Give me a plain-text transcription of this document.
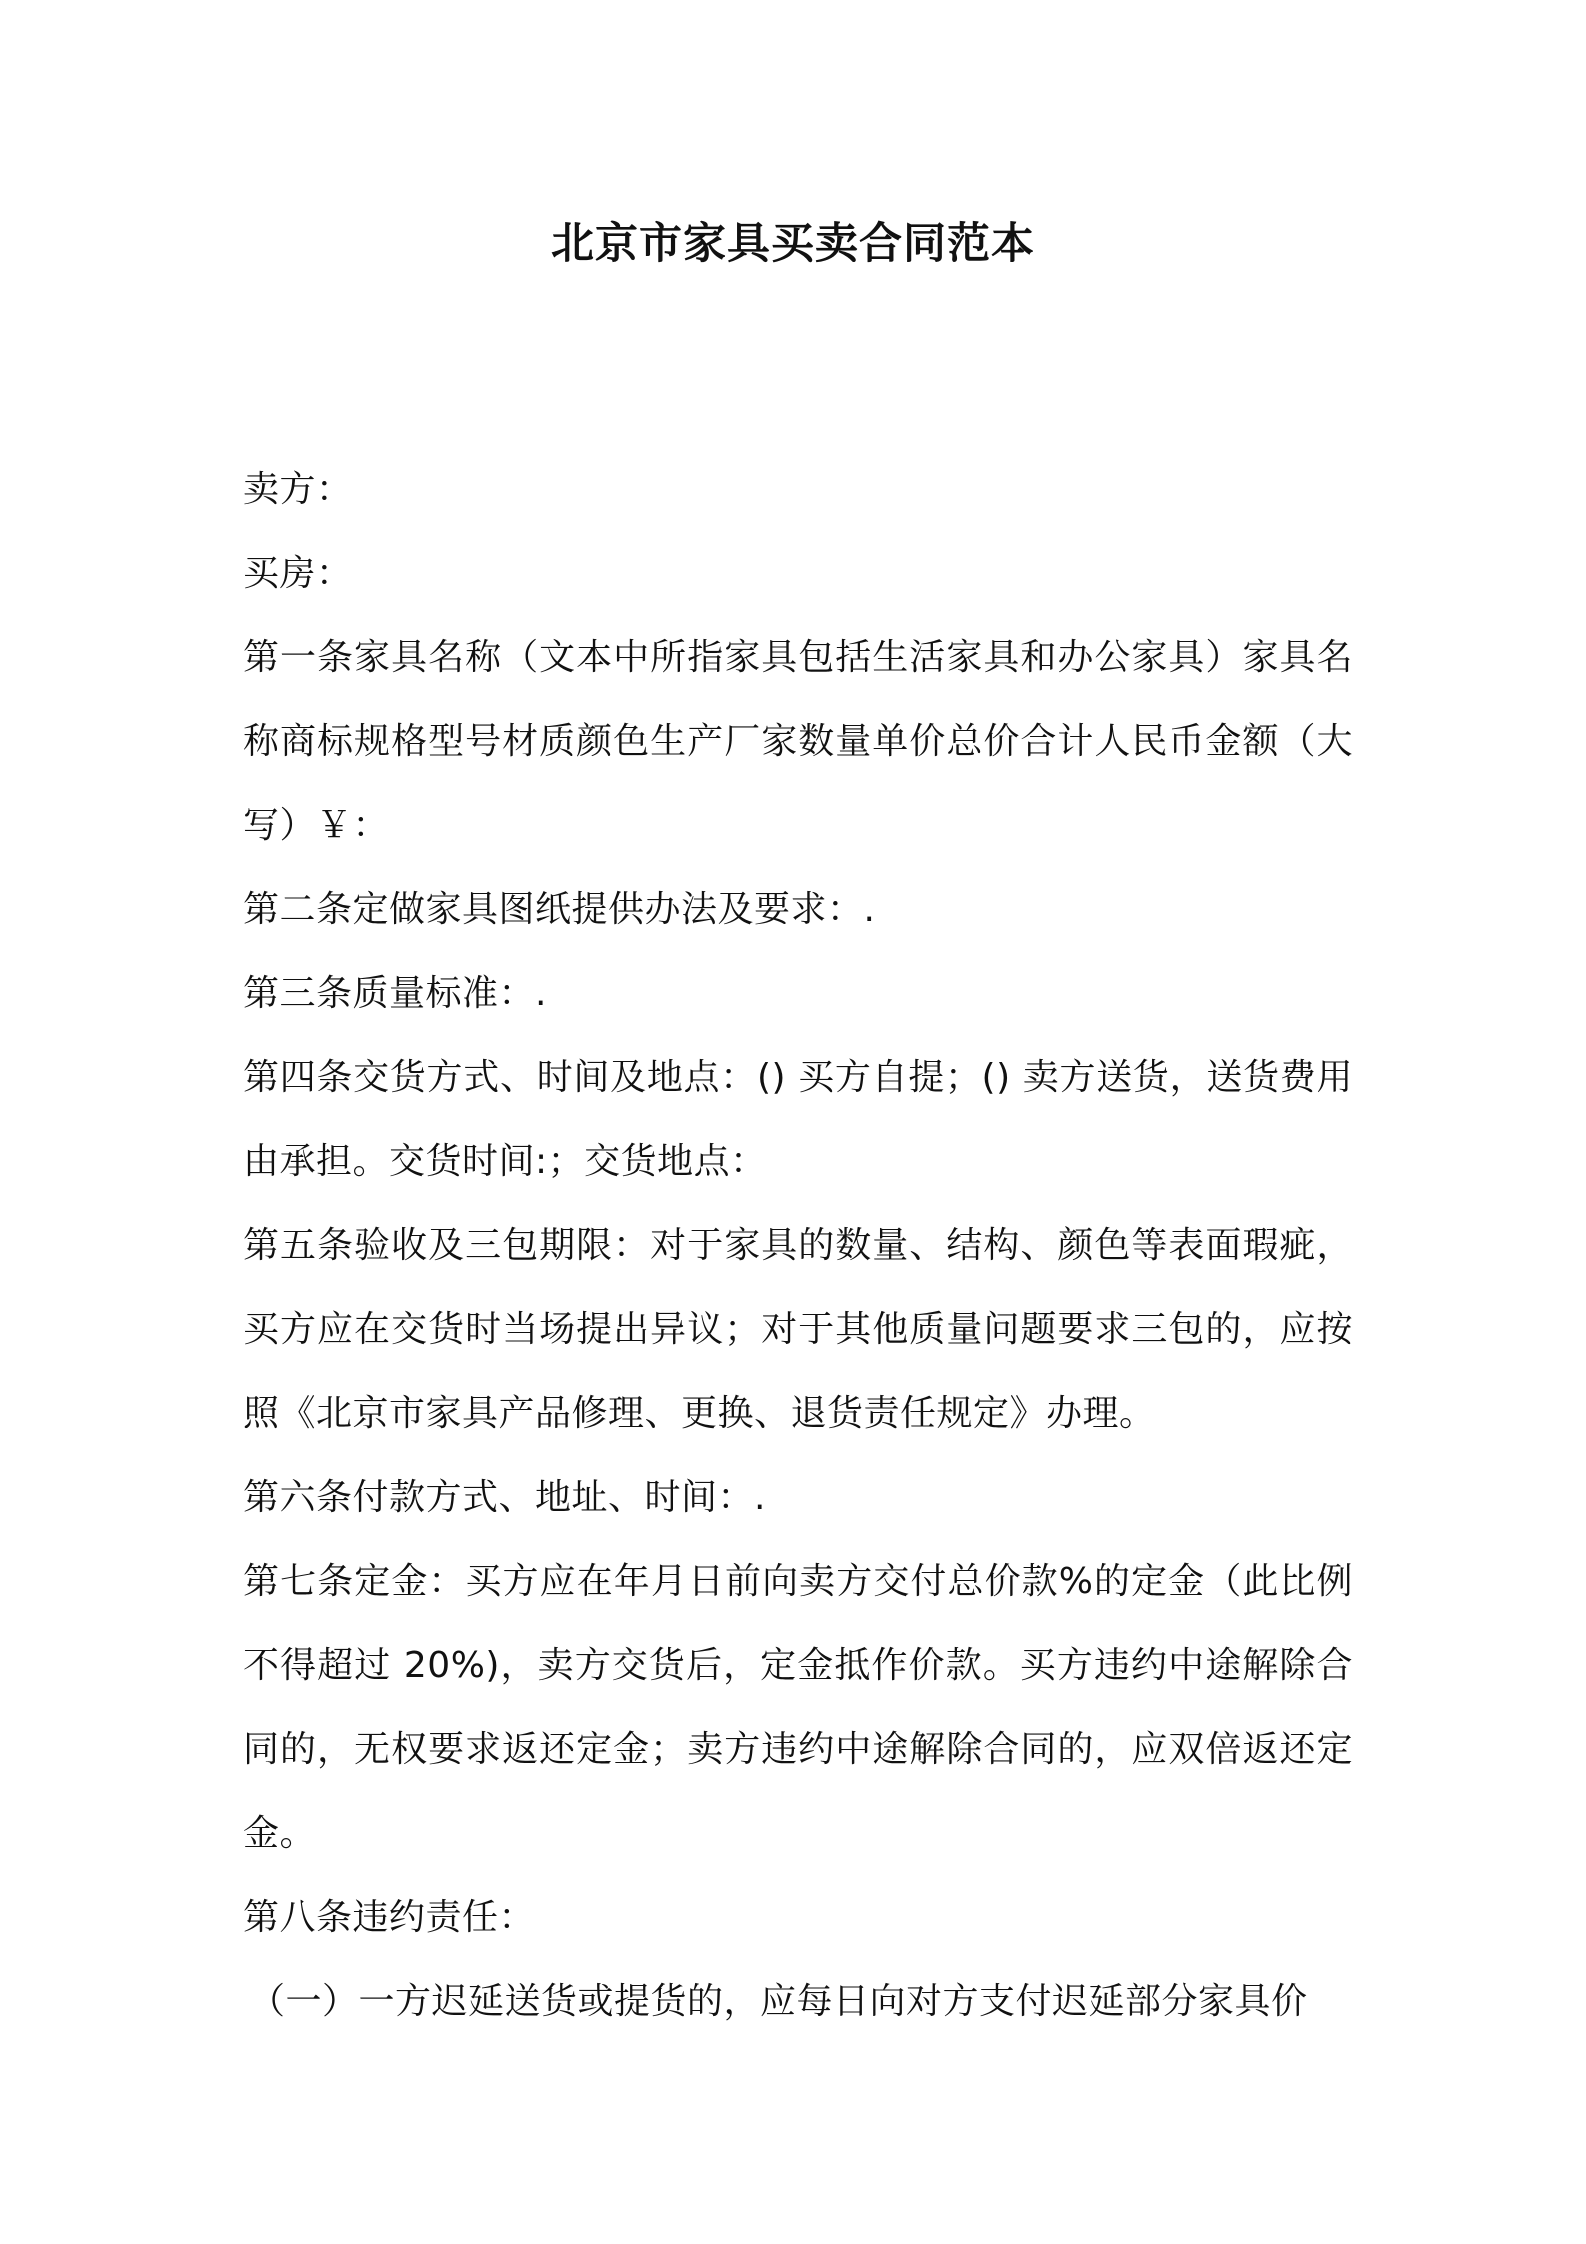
北京市家具买卖合同范本

卖方：

买房：

第一条家具名称（文本中所指家具包括生活家具和办公家具）家具名称商标规格型号材质颜色生产厂家数量单价总价合计人民币金额（大写）￥：

第二条定做家具图纸提供办法及要求：.

第三条质量标准：.

第四条交货方式、时间及地点：() 买方自提；() 卖方送货，送货费用由承担。交货时间:；交货地点：

第五条验收及三包期限：对于家具的数量、结构、颜色等表面瑕疵，买方应在交货时当场提出异议；对于其他质量问题要求三包的，应按照《北京市家具产品修理、更换、退货责任规定》办理。

第六条付款方式、地址、时间：.

第七条定金：买方应在年月日前向卖方交付总价款%的定金（此比例不得超过 20%)，卖方交货后，定金抵作价款。买方违约中途解除合同的，无权要求返还定金；卖方违约中途解除合同的，应双倍返还定金。

第八条违约责任：

（一）一方迟延送货或提货的，应每日向对方支付迟延部分家具价
